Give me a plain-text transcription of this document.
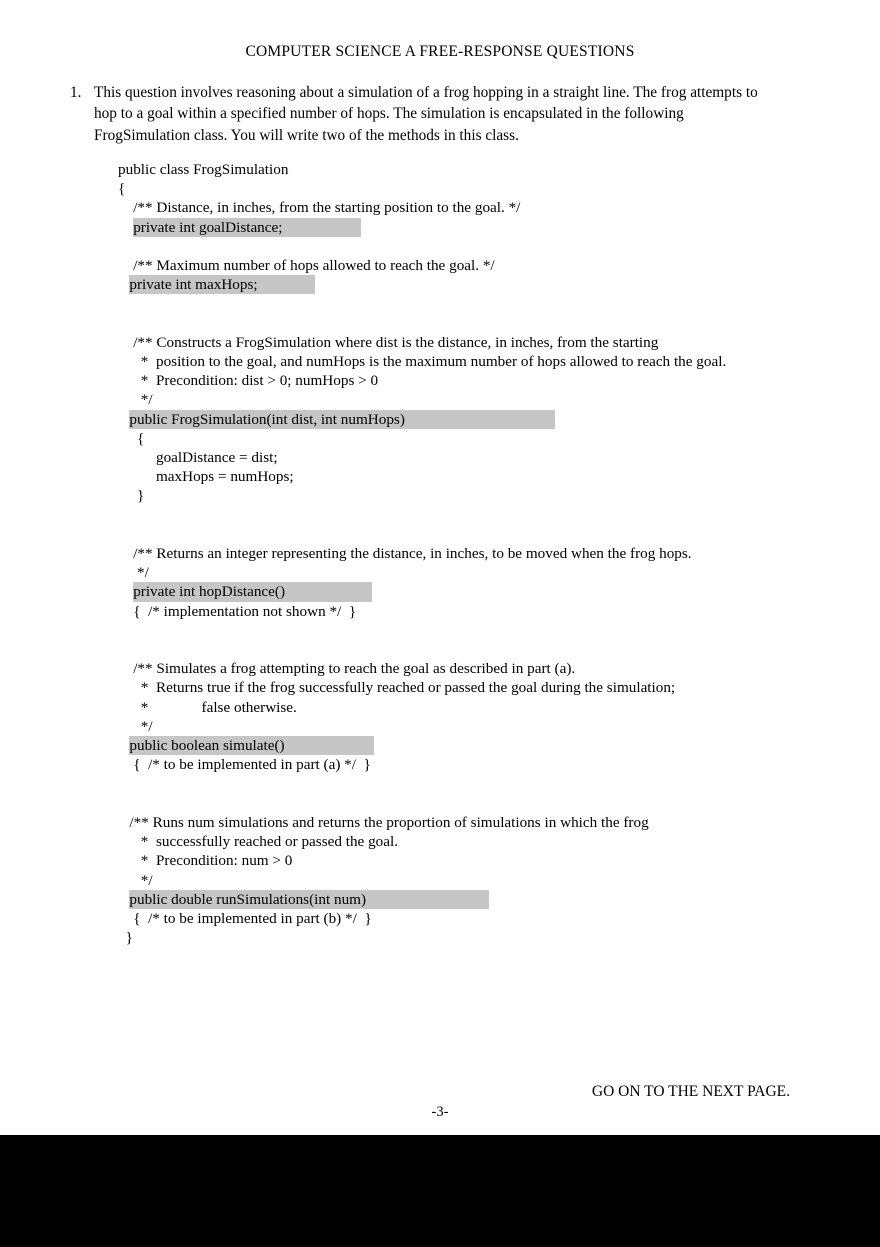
COMPUTER SCIENCE A FREE-RESPONSE QUESTIONS
1. This question involves reasoning about a simulation of a frog hopping in a straight line. The frog attempts to hop to a goal within a specified number of hops. The simulation is encapsulated in the following FrogSimulation class. You will write two of the methods in this class.
public class FrogSimulation
{
/** Distance, in inches, from the starting position to the goal. */
private int goalDistance;

/** Maximum number of hops allowed to reach the goal. */
private int maxHops;

/** Constructs a FrogSimulation where dist is the distance, in inches, from the starting
*  position to the goal, and numHops is the maximum number of hops allowed to reach the goal.
*  Precondition: dist > 0; numHops > 0
*/
public FrogSimulation(int dist, int numHops)
{
goalDistance = dist;
maxHops = numHops;
}

/** Returns an integer representing the distance, in inches, to be moved when the frog hops.
*/
private int hopDistance()
{  /* implementation not shown */  }

/** Simulates a frog attempting to reach the goal as described in part (a).
*  Returns true if the frog successfully reached or passed the goal during the simulation;
*              false otherwise.
*/
public boolean simulate()
{  /* to be implemented in part (a) */  }

/** Runs num simulations and returns the proportion of simulations in which the frog
*  successfully reached or passed the goal.
*  Precondition: num > 0
*/
public double runSimulations(int num)
{  /* to be implemented in part (b) */  }
}
GO ON TO THE NEXT PAGE.
-3-
